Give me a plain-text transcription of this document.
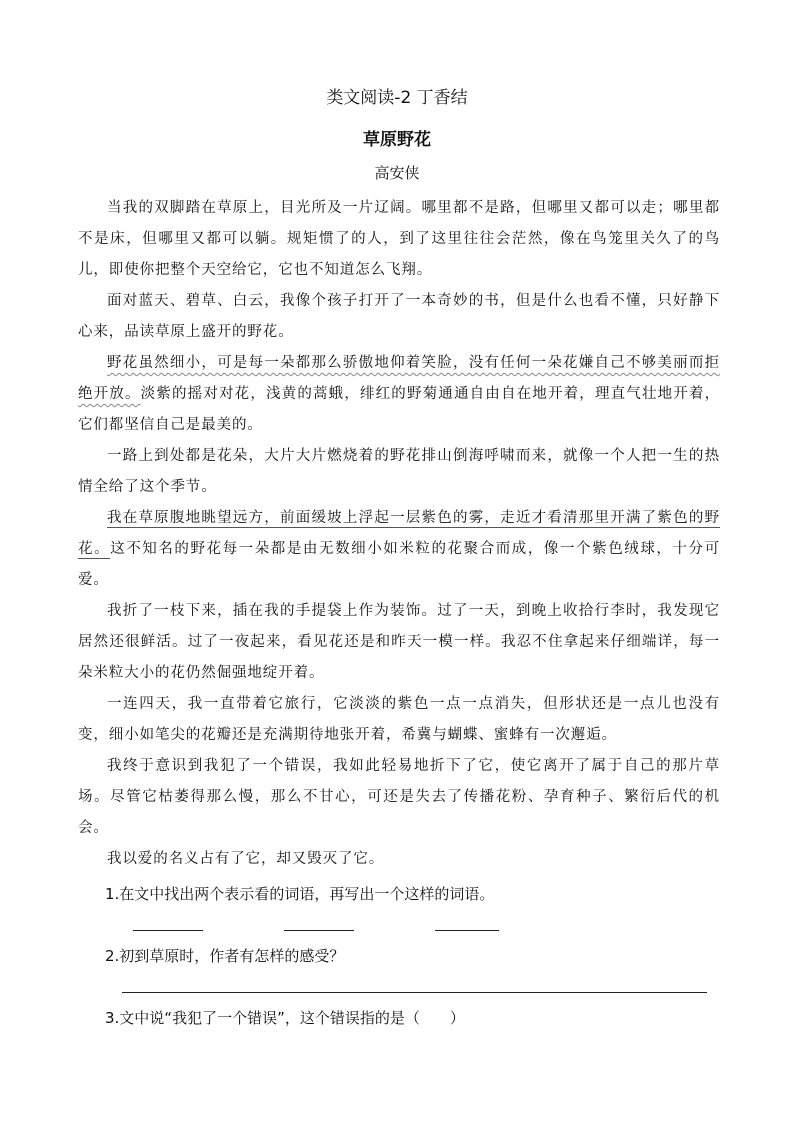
类文阅读-2 丁香结
草原野花
高安侠

当我的双脚踏在草原上，目光所及一片辽阔。哪里都不是路，但哪里又都可以走；哪里都不是床，但哪里又都可以躺。规矩惯了的人，到了这里往往会茫然，像在鸟笼里关久了的鸟儿，即使你把整个天空给它，它也不知道怎么飞翔。

面对蓝天、碧草、白云，我像个孩子打开了一本奇妙的书，但是什么也看不懂，只好静下心来，品读草原上盛开的野花。

野花虽然细小，可是每一朵都那么骄傲地仰着笑脸，没有任何一朵花嫌自己不够美丽而拒绝开放。淡紫的摇对对花，浅黄的蒿蛾，绯红的野菊通通自由自在地开着，理直气壮地开着，它们都坚信自己是最美的。

一路上到处都是花朵，大片大片燃烧着的野花排山倒海呼啸而来，就像一个人把一生的热情全给了这个季节。

我在草原腹地眺望远方，前面缓坡上浮起一层紫色的雾，走近才看清那里开满了紫色的野花。这不知名的野花每一朵都是由无数细小如米粒的花聚合而成，像一个紫色绒球，十分可爱。

我折了一枝下来，插在我的手提袋上作为装饰。过了一天，到晚上收拾行李时，我发现它居然还很鲜活。过了一夜起来，看见花还是和昨天一模一样。我忍不住拿起来仔细端详，每一朵米粒大小的花仍然倔强地绽开着。

一连四天，我一直带着它旅行，它淡淡的紫色一点一点消失，但形状还是一点儿也没有变，细小如笔尖的花瓣还是充满期待地张开着，希冀与蝴蝶、蜜蜂有一次邂逅。

我终于意识到我犯了一个错误，我如此轻易地折下了它，使它离开了属于自己的那片草场。尽管它枯萎得那么慢，那么不甘心，可还是失去了传播花粉、孕育种子、繁衍后代的机会。

我以爱的名义占有了它，却又毁灭了它。

1.在文中找出两个表示看的词语，再写出一个这样的词语。
2.初到草原时，作者有怎样的感受？
3.文中说“我犯了一个错误”，这个错误指的是（　　）
